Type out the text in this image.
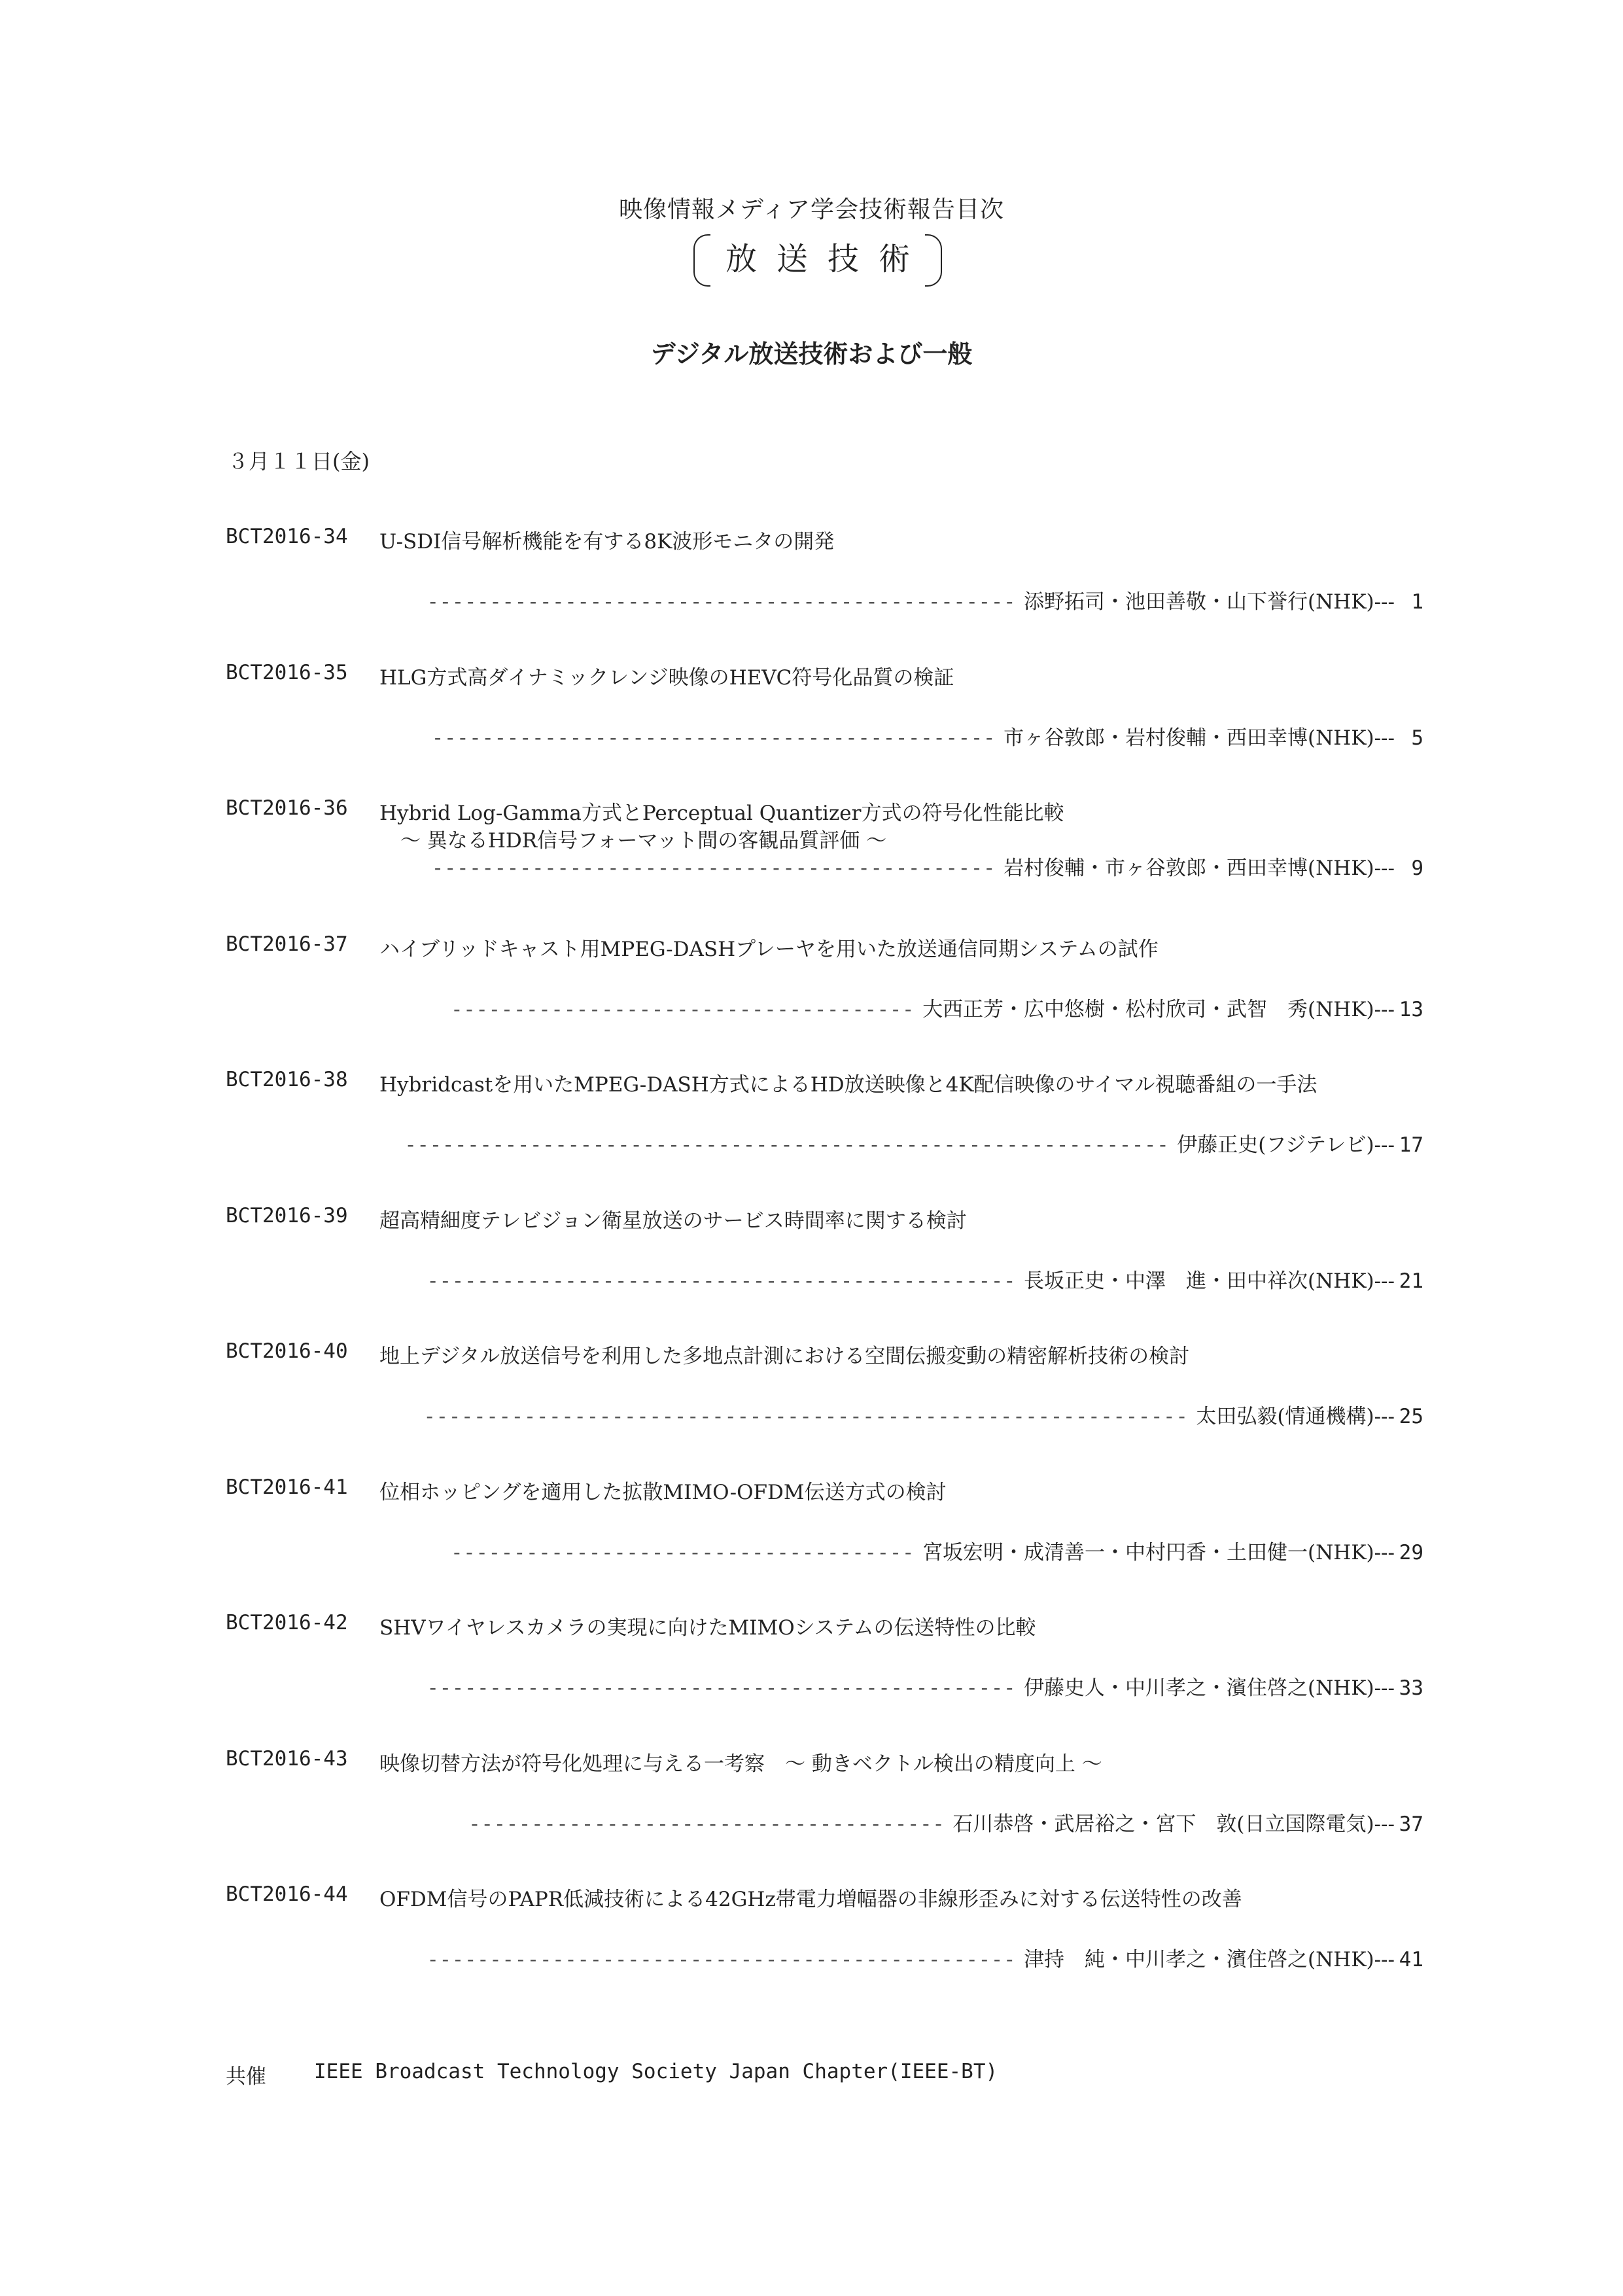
映像情報メディア学会技術報告目次
放送技術
デジタル放送技術および一般
３月１１日(金)
BCT2016-34 U-SDI信号解析機能を有する8K波形モニタの開発
----------------------------------------------- 添野拓司・池田善敬・山下誉行(NHK)--- 1
BCT2016-35 HLG方式高ダイナミックレンジ映像のHEVC符号化品質の検証
--------------------------------------------- 市ヶ谷敦郎・岩村俊輔・西田幸博(NHK)--- 5
BCT2016-36 Hybrid Log-Gamma方式とPerceptual Quantizer方式の符号化性能比較
～ 異なるHDR信号フォーマット間の客観品質評価 ～
--------------------------------------------- 岩村俊輔・市ヶ谷敦郎・西田幸博(NHK)--- 9
BCT2016-37 ハイブリッドキャスト用MPEG-DASHプレーヤを用いた放送通信同期システムの試作
------------------------------------- 大西正芳・広中悠樹・松村欣司・武智　秀(NHK)--- 13
BCT2016-38 Hybridcastを用いたMPEG-DASH方式によるHD放送映像と4K配信映像のサイマル視聴番組の一手法
------------------------------------------------------------- 伊藤正史(フジテレビ)--- 17
BCT2016-39 超高精細度テレビジョン衛星放送のサービス時間率に関する検討
----------------------------------------------- 長坂正史・中澤　進・田中祥次(NHK)--- 21
BCT2016-40 地上デジタル放送信号を利用した多地点計測における空間伝搬変動の精密解析技術の検討
------------------------------------------------------------- 太田弘毅(情通機構)--- 25
BCT2016-41 位相ホッピングを適用した拡散MIMO-OFDM伝送方式の検討
------------------------------------- 宮坂宏明・成清善一・中村円香・土田健一(NHK)--- 29
BCT2016-42 SHVワイヤレスカメラの実現に向けたMIMOシステムの伝送特性の比較
----------------------------------------------- 伊藤史人・中川孝之・濱住啓之(NHK)--- 33
BCT2016-43 映像切替方法が符号化処理に与える一考察　～ 動きベクトル検出の精度向上 ～
-------------------------------------- 石川恭啓・武居裕之・宮下　敦(日立国際電気)--- 37
BCT2016-44 OFDM信号のPAPR低減技術による42GHz帯電力増幅器の非線形歪みに対する伝送特性の改善
----------------------------------------------- 津持　純・中川孝之・濱住啓之(NHK)--- 41
共催 IEEE Broadcast Technology Society Japan Chapter(IEEE-BT)
